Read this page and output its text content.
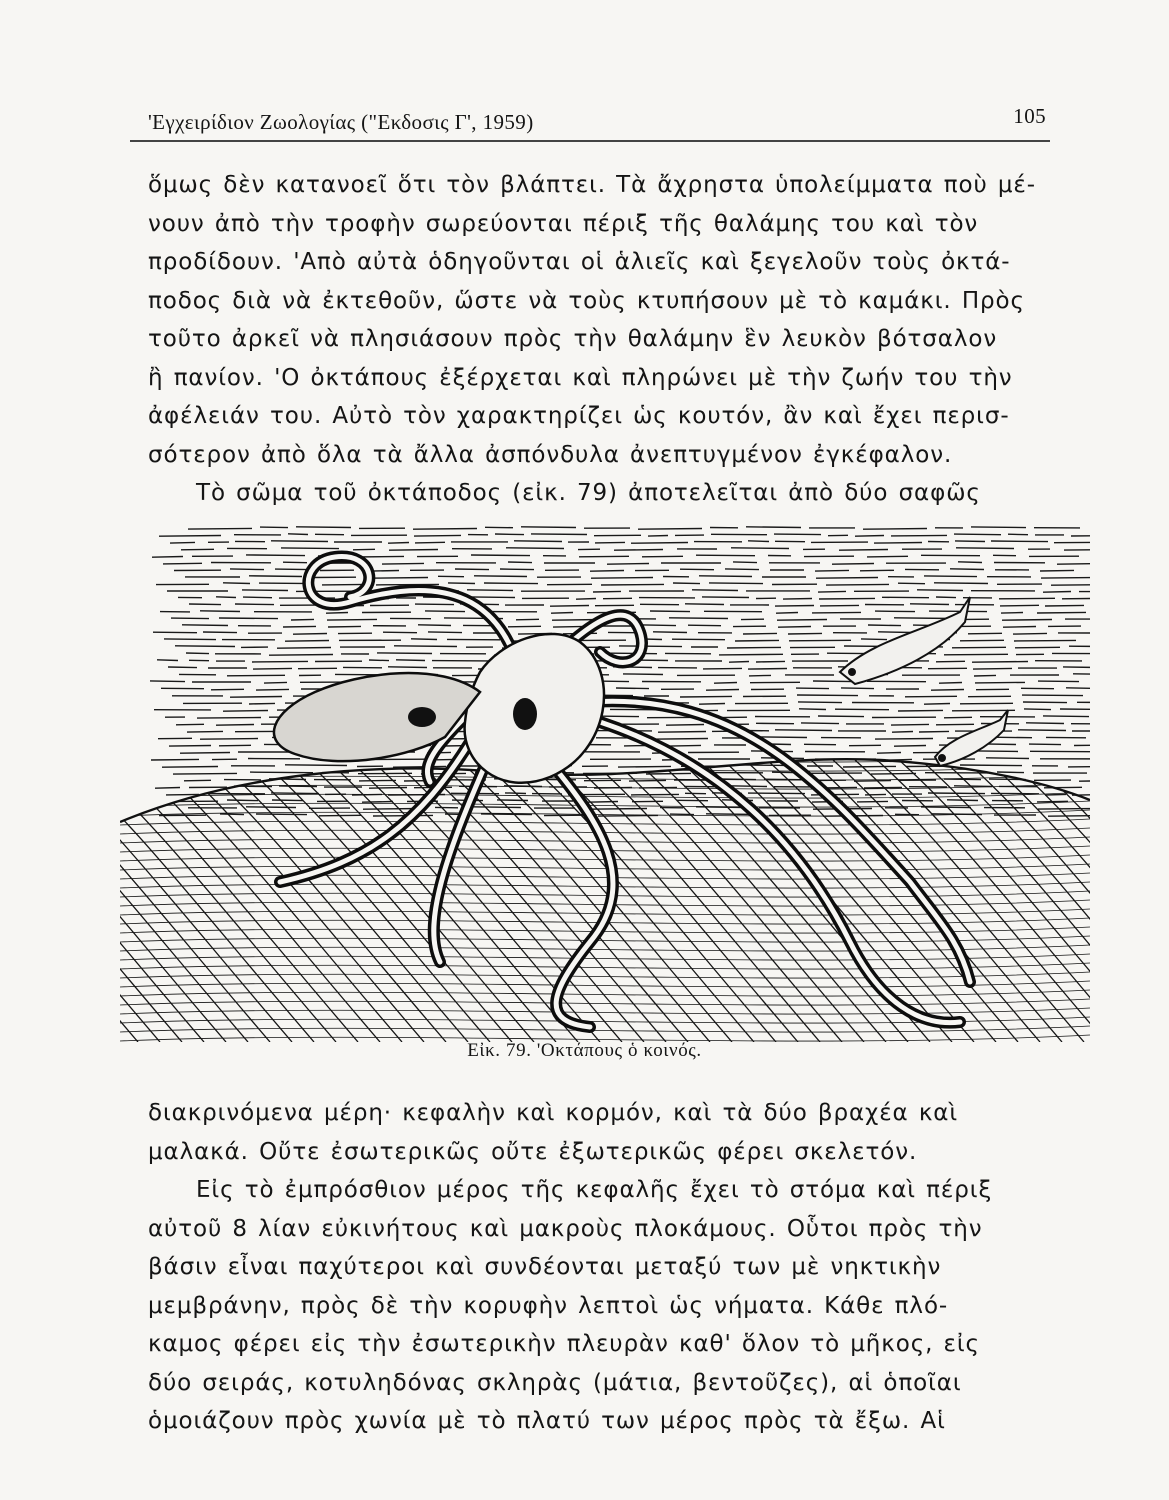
'Εγχειρίδιον Ζωολογίας ("Εκδοσις Γ', 1959)	105
ὅμως δὲν κατανοεῖ ὅτι τὸν βλάπτει. Τὰ ἄχρηστα ὑπολείμματα ποὺ μέ-
νουν ἀπὸ τὴν τροφὴν σωρεύονται πέριξ τῆς θαλάμης του καὶ τὸν
προδίδουν. 'Απὸ αὐτὰ ὁδηγοῦνται οἱ ἁλιεῖς καὶ ξεγελοῦν τοὺς ὀκτά-
ποδος διὰ νὰ ἐκτεθοῦν, ὥστε νὰ τοὺς κτυπήσουν μὲ τὸ καμάκι. Πρὸς
τοῦτο ἀρκεῖ νὰ πλησιάσουν πρὸς τὴν θαλάμην ἓν λευκὸν βότσαλον
ἢ πανίον. 'Ο ὀκτάπους ἐξέρχεται καὶ πληρώνει μὲ τὴν ζωήν του τὴν
ἀφέλειάν του. Αὐτὸ τὸν χαρακτηρίζει ὡς κουτόν, ἂν καὶ ἔχει περισ-
σότερον ἀπὸ ὅλα τὰ ἄλλα ἀσπόνδυλα ἀνεπτυγμένον ἐγκέφαλον.
Τὸ σῶμα τοῦ ὀκτάποδος (εἰκ. 79) ἀποτελεῖται ἀπὸ δύο σαφῶς
Εἰκ. 79. 'Οκτάπους ὁ κοινός.
διακρινόμενα μέρη· κεφαλὴν καὶ κορμόν, καὶ τὰ δύο βραχέα καὶ
μαλακά. Οὔτε ἐσωτερικῶς οὔτε ἐξωτερικῶς φέρει σκελετόν.
Εἰς τὸ ἐμπρόσθιον μέρος τῆς κεφαλῆς ἔχει τὸ στόμα καὶ πέριξ
αὐτοῦ 8 λίαν εὐκινήτους καὶ μακροὺς πλοκάμους. Οὗτοι πρὸς τὴν
βάσιν εἶναι παχύτεροι καὶ συνδέονται μεταξύ των μὲ νηκτικὴν
μεμβράνην, πρὸς δὲ τὴν κορυφὴν λεπτοὶ ὡς νήματα. Κάθε πλό-
καμος φέρει εἰς τὴν ἐσωτερικὴν πλευρὰν καθ' ὅλον τὸ μῆκος, εἰς
δύο σειράς, κοτυληδόνας σκληρὰς (μάτια, βεντοῦζες), αἱ ὁποῖαι
ὁμοιάζουν πρὸς χωνία μὲ τὸ πλατύ των μέρος πρὸς τὰ ἔξω. Αἱ
